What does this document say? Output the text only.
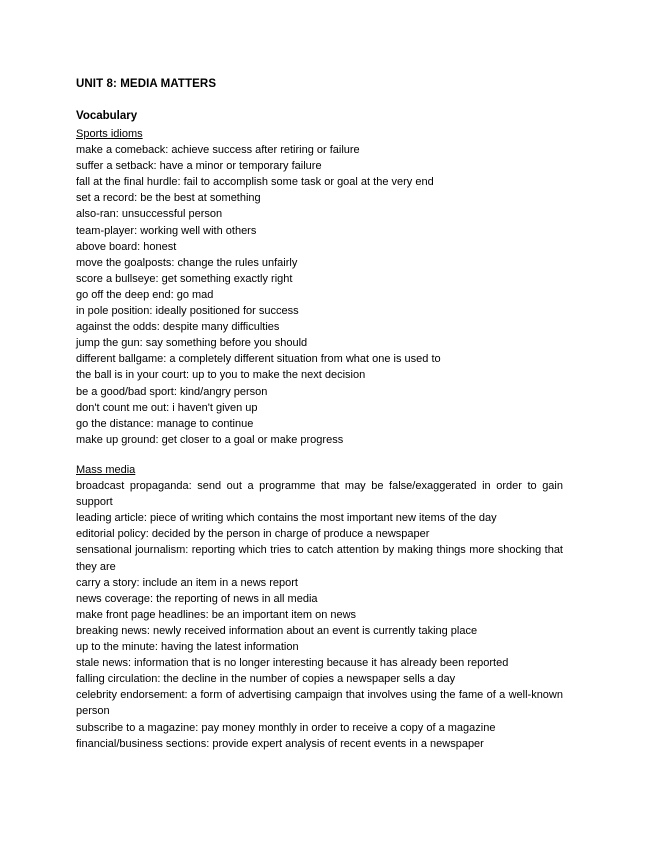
UNIT 8: MEDIA MATTERS
Vocabulary
Sports idioms
make a comeback: achieve success after retiring or failure
suffer a setback: have a minor or temporary failure
fall at the final hurdle: fail to accomplish some task or goal at the very end
set a record: be the best at something
also-ran: unsuccessful person
team-player: working well with others
above board: honest
move the goalposts: change the rules unfairly
score a bullseye: get something exactly right
go off the deep end: go mad
in pole position: ideally positioned for success
against the odds: despite many difficulties
jump the gun: say something before you should
different ballgame: a completely different situation from what one is used to
the ball is in your court: up to you to make the next decision
be a good/bad sport: kind/angry person
don't count me out: i haven't given up
go the distance: manage to continue
make up ground: get closer to a goal or make progress
Mass media
broadcast propaganda: send out a programme that may be false/exaggerated in order to gain support
leading article: piece of writing which contains the most important new items of the day
editorial policy: decided by the person in charge of produce a newspaper
sensational journalism: reporting which tries to catch attention by making things more shocking that they are
carry a story: include an item in a news report
news coverage: the reporting of news in all media
make front page headlines: be an important item on news
breaking news: newly received information about an event is currently taking place
up to the minute: having the latest information
stale news: information that is no longer interesting because it has already been reported
falling circulation: the decline in the number of copies a newspaper sells a day
celebrity endorsement: a form of advertising campaign that involves using the fame of a well-known person
subscribe to a magazine: pay money monthly in order to receive a copy of a magazine
financial/business sections: provide expert analysis of recent events in a newspaper
